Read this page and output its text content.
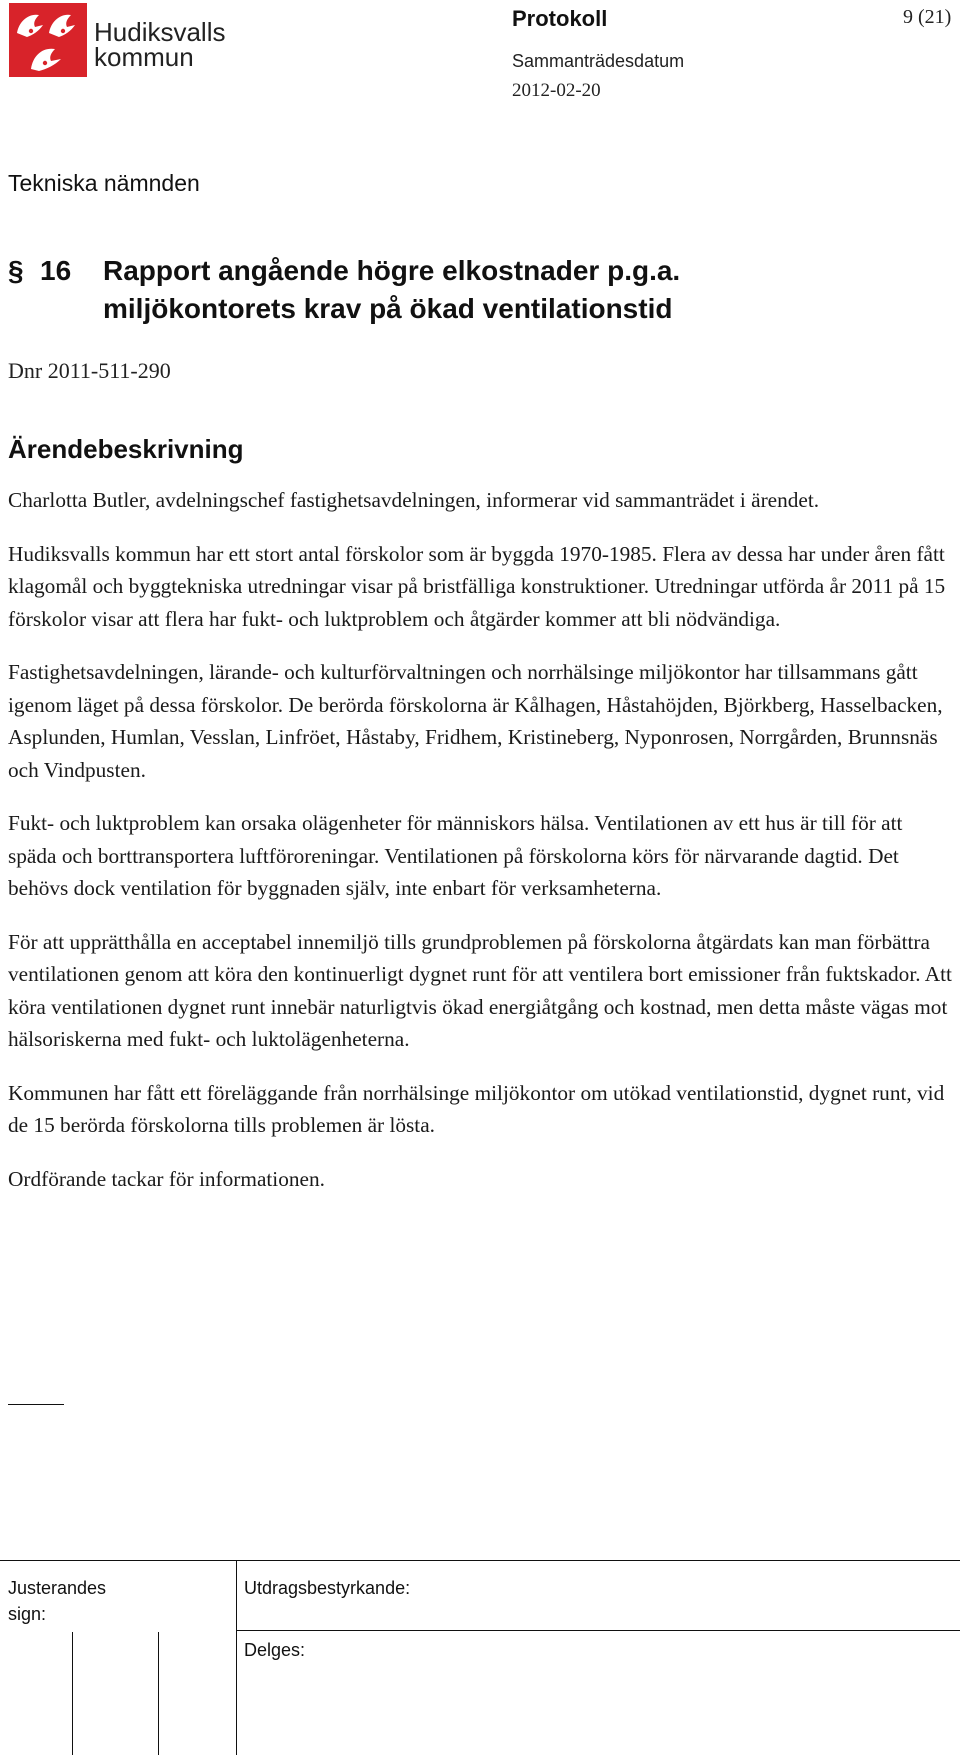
Hudiksvalls
kommun
Protokoll	9 (21)
Sammanträdesdatum
2012-02-20
Tekniska nämnden
§ 16 Rapport angående högre elkostnader p.g.a.
miljökontorets krav på ökad ventilationstid
Dnr 2011-511-290
Ärendebeskrivning

Charlotta Butler, avdelningschef fastighetsavdelningen, informerar vid sammanträdet i ärendet.

Hudiksvalls kommun har ett stort antal förskolor som är byggda 1970-1985. Flera av dessa har under åren fått klagomål och byggtekniska utredningar visar på bristfälliga konstruktioner. Utredningar utförda år 2011 på 15 förskolor visar att flera har fukt- och luktproblem och åtgärder kommer att bli nödvändiga.

Fastighetsavdelningen, lärande- och kulturförvaltningen och norrhälsinge miljökontor har tillsammans gått igenom läget på dessa förskolor. De berörda förskolorna är Kålhagen, Håstahöjden, Björkberg, Hasselbacken, Asplunden, Humlan, Vesslan, Linfröet, Håstaby, Fridhem, Kristineberg, Nyponrosen, Norrgården, Brunnsnäs och Vindpusten.

Fukt- och luktproblem kan orsaka olägenheter för människors hälsa. Ventilationen av ett hus är till för att späda och borttransportera luftföroreningar. Ventilationen på förskolorna körs för närvarande dagtid. Det behövs dock ventilation för byggnaden själv, inte enbart för verksamheterna.

För att upprätthålla en acceptabel innemiljö tills grundproblemen på förskolorna åtgärdats kan man förbättra ventilationen genom att köra den kontinuerligt dygnet runt för att ventilera bort emissioner från fuktskador. Att köra ventilationen dygnet runt innebär naturligtvis ökad energiåtgång och kostnad, men detta måste vägas mot hälsoriskerna med fukt- och luktolägenheterna.

Kommunen har fått ett föreläggande från norrhälsinge miljökontor om utökad ventilationstid, dygnet runt, vid de 15 berörda förskolorna tills problemen är lösta.

Ordförande tackar för informationen.

Justerandes sign:
Utdragsbestyrkande:
Delges:
